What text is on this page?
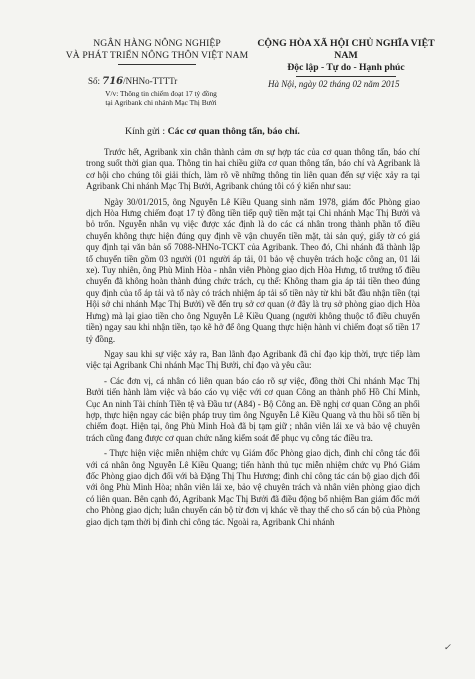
NGÂN HÀNG NÔNG NGHIỆP
VÀ PHÁT TRIỂN NÔNG THÔN VIỆT NAM
CỘNG HÒA XÃ HỘI CHỦ NGHĨA VIỆT NAM
Độc lập - Tự do - Hạnh phúc
Số: 716/NHNo-TTTTr
V/v: Thông tin chiếm đoạt 17 tỷ đồng
tại Agribank chi nhánh Mạc Thị Bưởi
Hà Nội, ngày 02 tháng 02 năm 2015
Kính gửi : Các cơ quan thông tấn, báo chí.

Trước hết, Agribank xin chân thành cảm ơn sự hợp tác của cơ quan thông tấn, báo chí trong suốt thời gian qua. Thông tin hai chiều giữa cơ quan thông tấn, báo chí và Agribank là cơ hội cho chúng tôi giải thích, làm rõ về những thông tin liên quan đến sự việc xảy ra tại Agribank Chi nhánh Mạc Thị Bưởi, Agribank chúng tôi có ý kiến như sau:

Ngày 30/01/2015, ông Nguyễn Lê Kiều Quang sinh năm 1978, giám đốc Phòng giao dịch Hòa Hưng chiếm đoạt 17 tỷ đồng tiền tiếp quỹ tiền mặt tại Chi nhánh Mạc Thị Bưởi và bỏ trốn. Nguyễn nhân vụ việc được xác định là do các cá nhân trong thành phần tổ điều chuyển không thực hiện đúng quy định về vận chuyển tiền mặt, tài sản quý, giấy tờ có giá quy định tại văn bản số 7088-NHNo-TCKT của Agribank. Theo đó, Chi nhánh đã thành lập tổ chuyển tiền gồm 03 người (01 người áp tải, 01 bảo vệ chuyên trách hoặc công an, 01 lái xe). Tuy nhiên, ông Phù Minh Hòa - nhân viên Phòng giao dịch Hòa Hưng, tổ trưởng tổ điều chuyển đã không hoàn thành đúng chức trách, cụ thể: Không tham gia áp tải tiền theo đúng quy định của tổ áp tải và tổ này có trách nhiệm áp tải số tiền này từ khi bắt đầu nhận tiền (tại Hội sở chi nhánh Mạc Thị Bưởi) về đến trụ sở cơ quan (ở đây là trụ sở phòng giao dịch Hòa Hưng) mà lại giao tiền cho ông Nguyễn Lê Kiều Quang (người không thuộc tổ điều chuyển tiền) ngay sau khi nhận tiền, tạo kẽ hở để ông Quang thực hiện hành vi chiếm đoạt số tiền 17 tỷ đồng.

Ngay sau khi sự việc xảy ra, Ban lãnh đạo Agribank đã chỉ đạo kịp thời, trực tiếp làm việc tại Agribank Chi nhánh Mạc Thị Bưởi, chỉ đạo và yêu cầu:

- Các đơn vị, cá nhân có liên quan báo cáo rõ sự việc, đồng thời Chi nhánh Mạc Thị Bưởi tiến hành làm việc và báo cáo vụ việc với cơ quan Công an thành phố Hồ Chí Minh, Cục An ninh Tài chính Tiền tệ và Đầu tư (A84) - Bộ Công an. Đề nghị cơ quan Công an phối hợp, thực hiện ngay các biện pháp truy tìm ông Nguyễn Lê Kiều Quang và thu hồi số tiền bị chiếm đoạt. Hiện tại, ông Phù Minh Hoà đã bị tạm giữ ; nhân viên lái xe và bảo vệ chuyên trách cũng đang được cơ quan chức năng kiểm soát để phục vụ công tác điều tra.

- Thực hiện việc miễn nhiệm chức vụ Giám đốc Phòng giao dịch, đình chỉ công tác đối với cá nhân ông Nguyễn Lê Kiều Quang; tiến hành thủ tục miễn nhiệm chức vụ Phó Giám đốc Phòng giao dịch đối với bà Đặng Thị Thu Hương; đình chỉ công tác cán bộ giao dịch đối với ông Phù Minh Hòa; nhân viên lái xe, bảo vệ chuyên trách và nhân viên phòng giao dịch có liên quan. Bên cạnh đó, Agribank Mạc Thị Bưởi đã điều động bổ nhiệm Ban giám đốc mới cho Phòng giao dịch; luân chuyển cán bộ từ đơn vị khác về thay thế cho số cán bộ của Phòng giao dịch tạm thời bị đình chỉ công tác. Ngoài ra, Agribank Chi nhánh

✓
